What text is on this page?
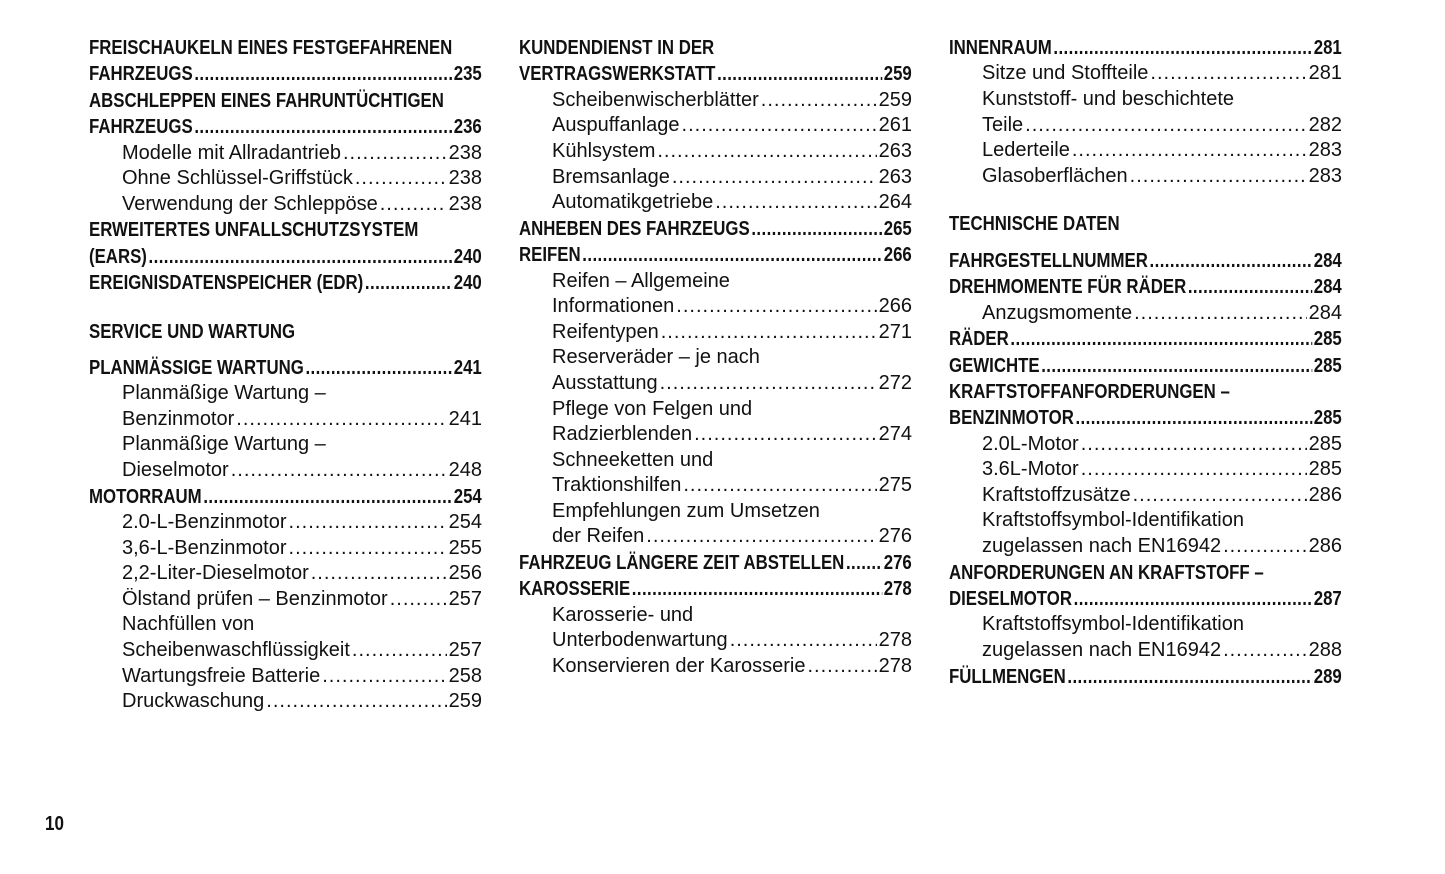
FREISCHAUKELN EINES FESTGEFAHRENEN
FAHRZEUGS .....	235
ABSCHLEPPEN EINES FAHRUNTÜCHTIGEN
FAHRZEUGS .....	236
Modelle mit Allradantrieb .....	238
Ohne Schlüssel-Griffstück .....	238
Verwendung der Schleppöse .....	238
ERWEITERTES UNFALLSCHUTZSYSTEM
(EARS) .....	240
EREIGNISDATENSPEICHER (EDR) .....	240
SERVICE UND WARTUNG
PLANMÄSSIGE WARTUNG .....	241
Planmäßige Wartung –
Benzinmotor .....	241
Planmäßige Wartung –
Dieselmotor .....	248
MOTORRAUM .....	254
2.0-L-Benzinmotor .....	254
3,6-L-Benzinmotor .....	255
2,2-Liter-Dieselmotor .....	256
Ölstand prüfen – Benzinmotor .....	257
Nachfüllen von
Scheibenwaschflüssigkeit .....	257
Wartungsfreie Batterie .....	258
Druckwaschung .....	259
KUNDENDIENST IN DER
VERTRAGSWERKSTATT .....	259
Scheibenwischerblätter .....	259
Auspuffanlage .....	261
Kühlsystem .....	263
Bremsanlage .....	263
Automatikgetriebe .....	264
ANHEBEN DES FAHRZEUGS .....	265
REIFEN .....	266
Reifen – Allgemeine
Informationen .....	266
Reifentypen .....	271
Reserveräder – je nach
Ausstattung .....	272
Pflege von Felgen und
Radzierblenden .....	274
Schneeketten und
Traktionshilfen .....	275
Empfehlungen zum Umsetzen
der Reifen .....	276
FAHRZEUG LÄNGERE ZEIT ABSTELLEN ..... 276
KAROSSERIE .....	278
Karosserie- und
Unterbodenwartung .....	278
Konservieren der Karosserie .....	278
INNENRAUM .....	281
Sitze und Stoffteile .....	281
Kunststoff- und beschichtete
Teile .....	282
Lederteile .....	283
Glasoberflächen .....	283
TECHNISCHE DATEN
FAHRGESTELLNUMMER .....	284
DREHMOMENTE FÜR RÄDER .....	284
Anzugsmomente .....	284
RÄDER .....	285
GEWICHTE .....	285
KRAFTSTOFFANFORDERUNGEN –
BENZINMOTOR .....	285
2.0L-Motor .....	285
3.6L-Motor .....	285
Kraftstoffzusätze .....	286
Kraftstoffsymbol-Identifikation
zugelassen nach EN16942 .....	286
ANFORDERUNGEN AN KRAFTSTOFF –
DIESELMOTOR .....	287
Kraftstoffsymbol-Identifikation
zugelassen nach EN16942 .....	288
FÜLLMENGEN .....	289
10
